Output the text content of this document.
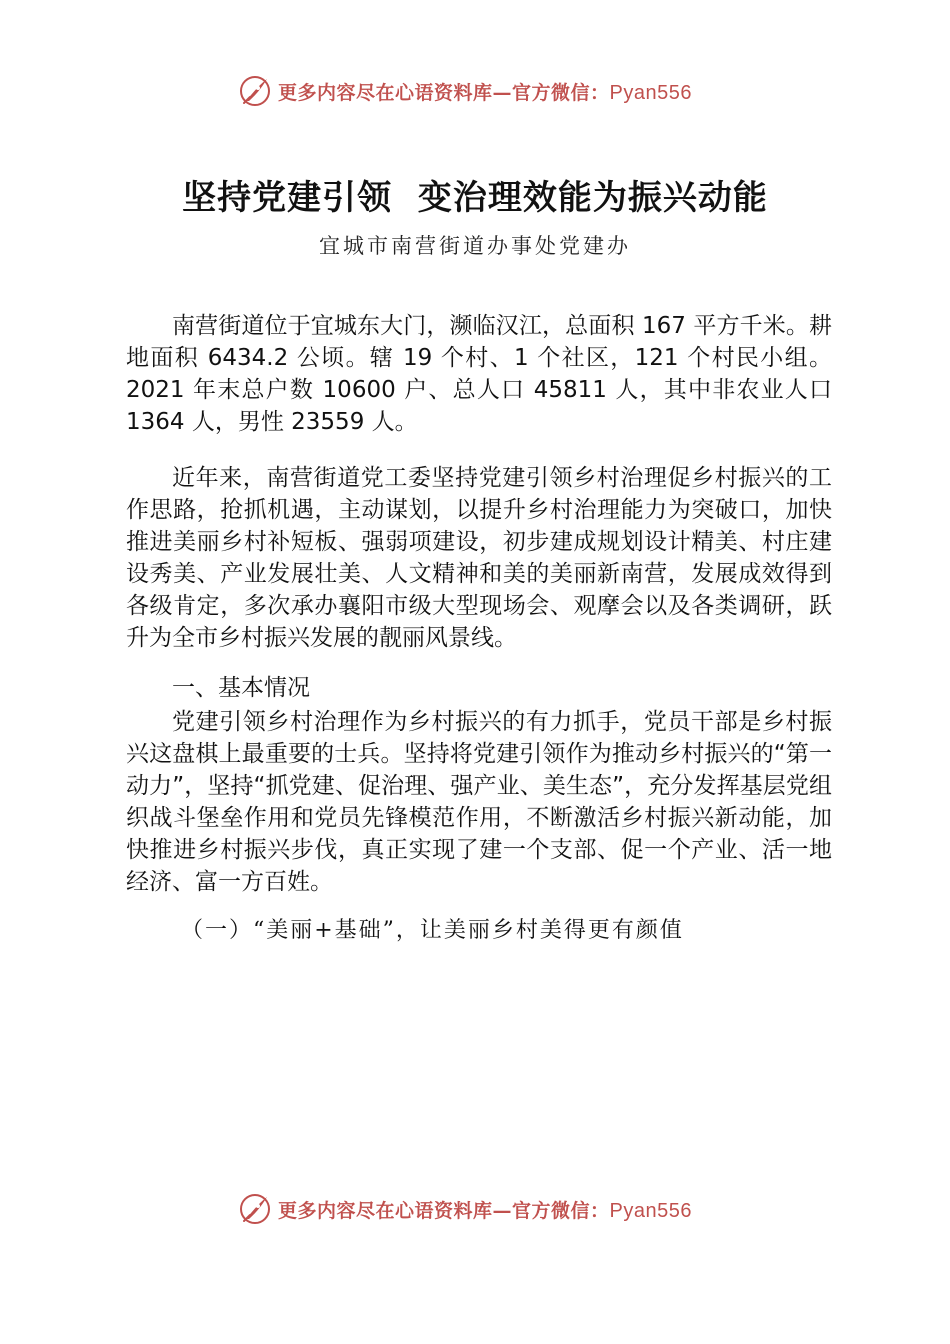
更多内容尽在心语资料库—官方微信：Pyan556
坚持党建引领  变治理效能为振兴动能
宜城市南营街道办事处党建办

南营街道位于宜城东大门，濒临汉江，总面积 167 平方千米。耕地面积 6434.2 公顷。辖 19 个村、1 个社区，121 个村民小组。2021 年末总户数 10600 户、总人口 45811 人，其中非农业人口 1364 人，男性 23559 人。

近年来，南营街道党工委坚持党建引领乡村治理促乡村振兴的工作思路，抢抓机遇，主动谋划，以提升乡村治理能力为突破口，加快推进美丽乡村补短板、强弱项建设，初步建成规划设计精美、村庄建设秀美、产业发展壮美、人文精神和美的美丽新南营，发展成效得到各级肯定，多次承办襄阳市级大型现场会、观摩会以及各类调研，跃升为全市乡村振兴发展的靓丽风景线。

一、基本情况

党建引领乡村治理作为乡村振兴的有力抓手，党员干部是乡村振兴这盘棋上最重要的士兵。坚持将党建引领作为推动乡村振兴的“第一动力”，坚持“抓党建、促治理、强产业、美生态”，充分发挥基层党组织战斗堡垒作用和党员先锋模范作用，不断激活乡村振兴新动能，加快推进乡村振兴步伐，真正实现了建一个支部、促一个产业、活一地经济、富一方百姓。

（一）“美丽+基础”，让美丽乡村美得更有颜值

更多内容尽在心语资料库—官方微信：Pyan556
